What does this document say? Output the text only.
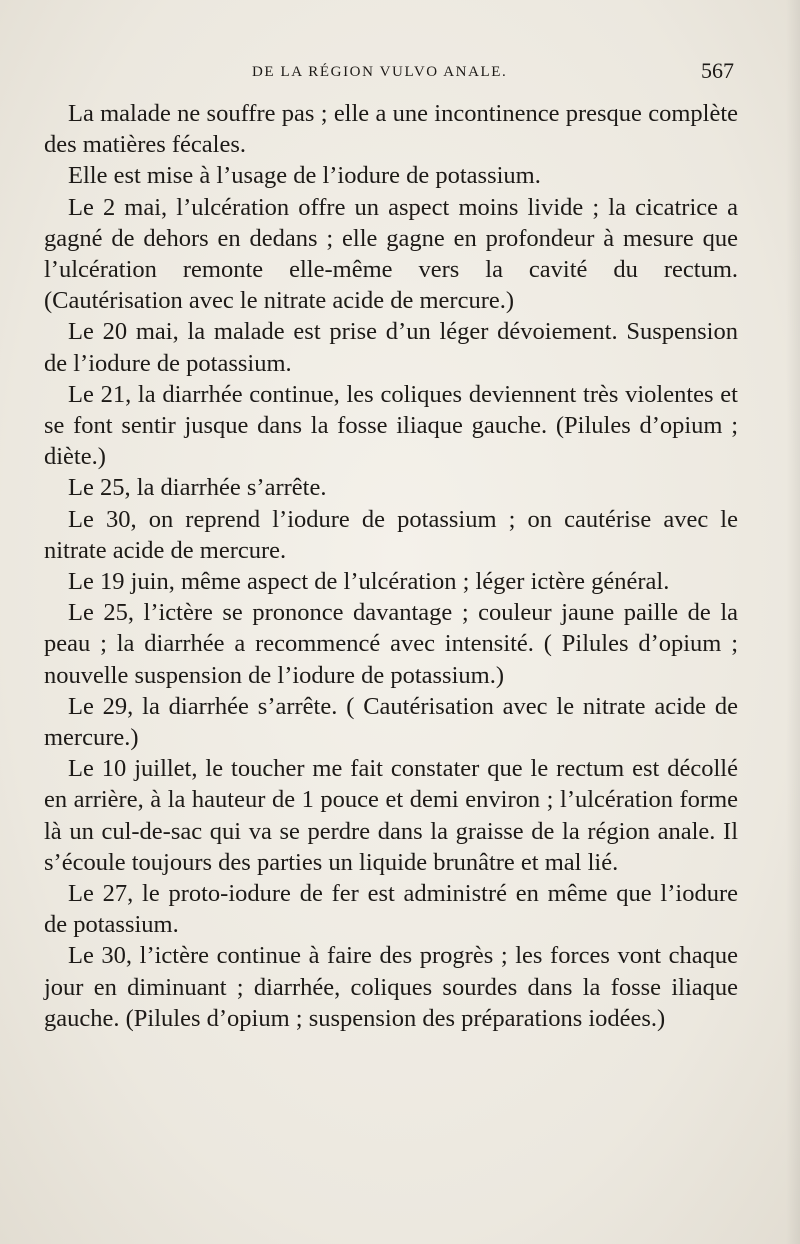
DE LA RÉGION VULVO ANALE.	567

La malade ne souffre pas ; elle a une incontinence presque complète des matières fécales.

Elle est mise à l’usage de l’iodure de potassium.

Le 2 mai, l’ulcération offre un aspect moins livide ; la cicatrice a gagné de dehors en dedans ; elle gagne en profondeur à mesure que l’ulcération remonte elle-même vers la cavité du rectum. (Cautérisation avec le nitrate acide de mercure.)

Le 20 mai, la malade est prise d’un léger dévoiement. Suspension de l’iodure de potassium.

Le 21, la diarrhée continue, les coliques deviennent très violentes et se font sentir jusque dans la fosse iliaque gauche. (Pilules d’opium ; diète.)

Le 25, la diarrhée s’arrête.

Le 30, on reprend l’iodure de potassium ; on cautérise avec le nitrate acide de mercure.

Le 19 juin, même aspect de l’ulcération ; léger ictère général.

Le 25, l’ictère se prononce davantage ; couleur jaune paille de la peau ; la diarrhée a recommencé avec intensité. ( Pilules d’opium ; nouvelle suspension de l’iodure de potassium.)

Le 29, la diarrhée s’arrête. ( Cautérisation avec le nitrate acide de mercure.)

Le 10 juillet, le toucher me fait constater que le rectum est décollé en arrière, à la hauteur de 1 pouce et demi environ ; l’ulcération forme là un cul-de-sac qui va se perdre dans la graisse de la région anale. Il s’écoule toujours des parties un liquide brunâtre et mal lié.

Le 27, le proto-iodure de fer est administré en même que l’iodure de potassium.

Le 30, l’ictère continue à faire des progrès ; les forces vont chaque jour en diminuant ; diarrhée, coliques sourdes dans la fosse iliaque gauche. (Pilules d’opium ; suspension des préparations iodées.)
